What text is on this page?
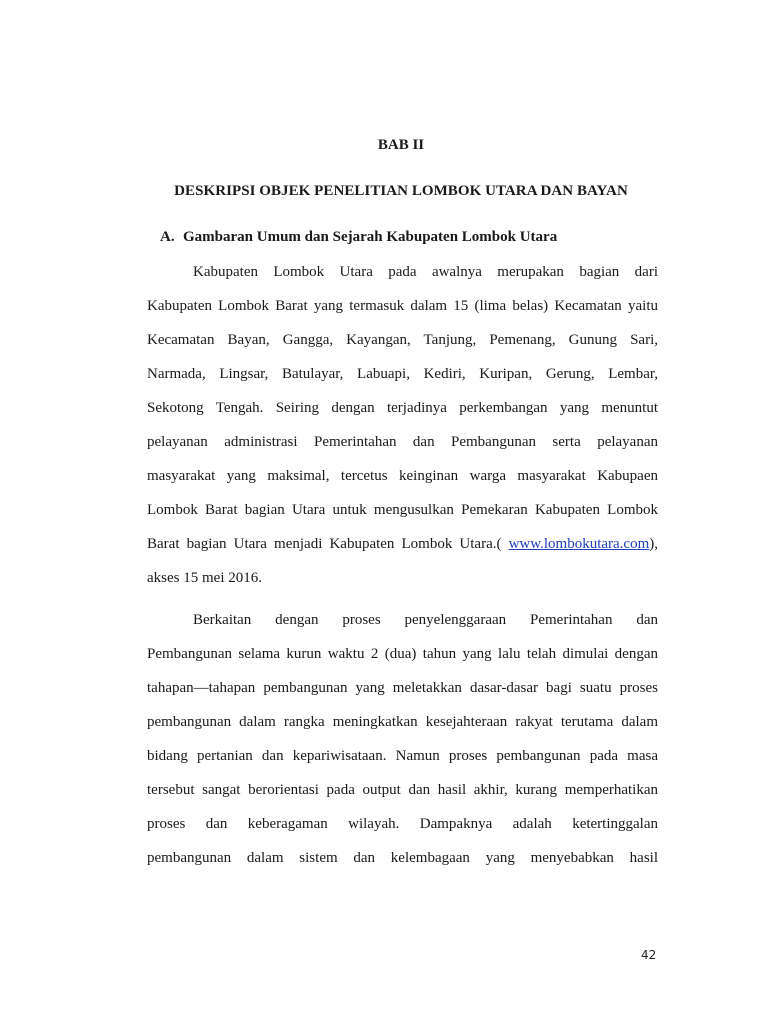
BAB II
DESKRIPSI OBJEK PENELITIAN LOMBOK UTARA DAN BAYAN
A. Gambaran Umum dan Sejarah Kabupaten Lombok Utara
Kabupaten Lombok Utara pada awalnya merupakan bagian dari
Kabupaten Lombok Barat yang termasuk dalam 15 (lima belas) Kecamatan yaitu
Kecamatan Bayan, Gangga, Kayangan, Tanjung, Pemenang, Gunung Sari,
Narmada, Lingsar, Batulayar, Labuapi, Kediri, Kuripan, Gerung, Lembar,
Sekotong Tengah. Seiring dengan terjadinya perkembangan yang menuntut
pelayanan administrasi Pemerintahan dan Pembangunan serta pelayanan
masyarakat yang maksimal, tercetus keinginan warga masyarakat Kabupaen
Lombok Barat bagian Utara untuk mengusulkan Pemekaran Kabupaten Lombok
Barat bagian Utara menjadi Kabupaten Lombok Utara.( www.lombokutara.com),
akses 15 mei 2016.
Berkaitan dengan proses penyelenggaraan Pemerintahan dan
Pembangunan selama kurun waktu 2 (dua) tahun yang lalu telah dimulai dengan
tahapan—tahapan pembangunan yang meletakkan dasar-dasar bagi suatu proses
pembangunan dalam rangka meningkatkan kesejahteraan rakyat terutama dalam
bidang pertanian dan kepariwisataan. Namun proses pembangunan pada masa
tersebut sangat berorientasi pada output dan hasil akhir, kurang memperhatikan
proses dan keberagaman wilayah. Dampaknya adalah ketertinggalan
pembangunan dalam sistem dan kelembagaan yang menyebabkan hasil
42
